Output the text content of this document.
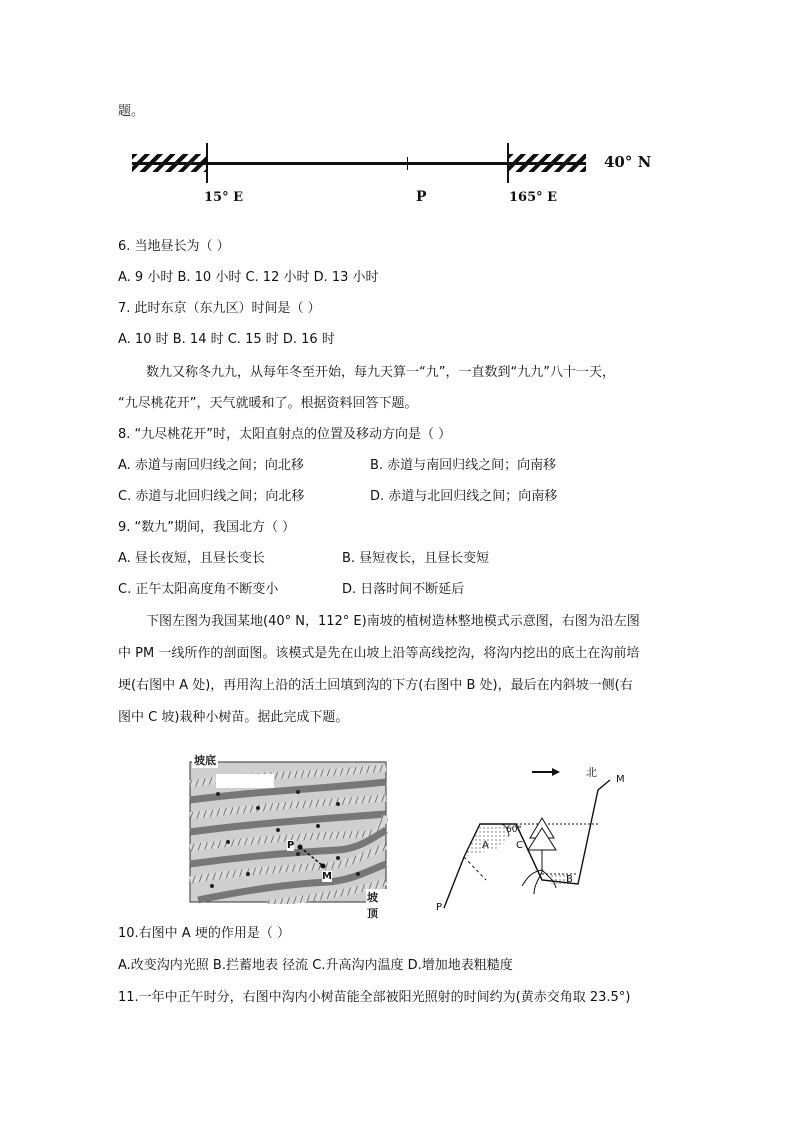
题。
15° E	P	165° E
40° N
6. 当地昼长为（ ）
A. 9 小时 B. 10 小时 C. 12 小时 D. 13 小时
7. 此时东京（东九区）时间是（ ）
A. 10 时 B. 14 时 C. 15 时 D. 16 时
数九又称冬九九，从每年冬至开始，每九天算一“九”，一直数到“九九”八十一天，
“九尽桃花开”，天气就暖和了。根据资料回答下题。
8. “九尽桃花开”时，太阳直射点的位置及移动方向是（ ）
A. 赤道与南回归线之间；向北移	B. 赤道与南回归线之间；向南移
C. 赤道与北回归线之间；向北移	D. 赤道与北回归线之间；向南移
9. “数九”期间，我国北方（ ）
A. 昼长夜短，且昼长变长	B. 昼短夜长，且昼长变短
C. 正午太阳高度角不断变小	D. 日落时间不断延后
下图左图为我国某地(40° N，112° E)南坡的植树造林整地模式示意图，右图为沿左图
中 PM 一线所作的剖面图。该模式是先在山坡上沿等高线挖沟，将沟内挖出的底土在沟前培
埂(右图中 A 处)，再用沟上沿的活土回填到沟的下方(右图中 B 处)，最后在内斜坡一侧(右
图中 C 坡)栽种小树苗。据此完成下题。
坡底
坡顶
P
M
北
M
P
A
B
C
60°
10.右图中 A 埂的作用是（ ）
A.改变沟内光照 B.拦蓄地表 径流 C.升高沟内温度 D.增加地表粗糙度
11.一年中正午时分，右图中沟内小树苗能全部被阳光照射的时间约为(黄赤交角取 23.5°)
